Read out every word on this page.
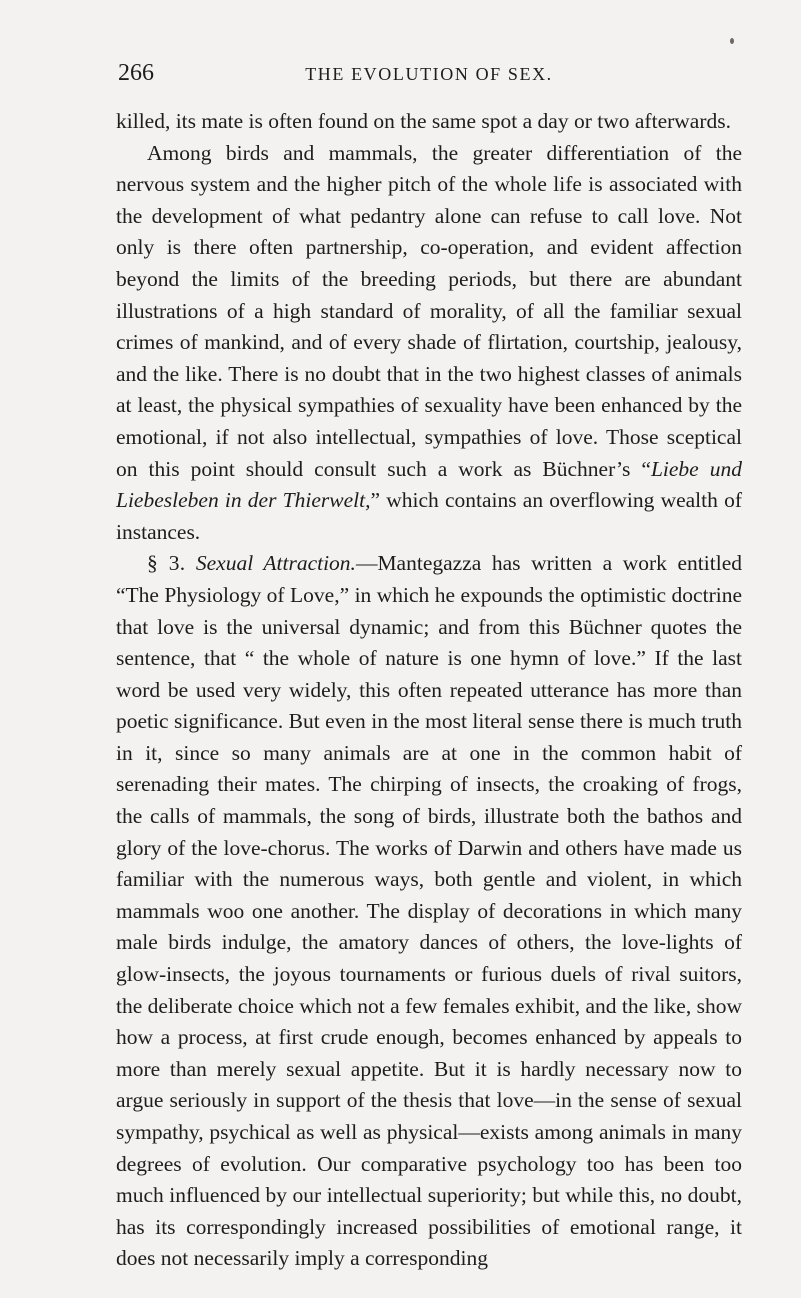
266	THE EVOLUTION OF SEX.

killed, its mate is often found on the same spot a day or two afterwards.

Among birds and mammals, the greater differentiation of the nervous system and the higher pitch of the whole life is associated with the development of what pedantry alone can refuse to call love. Not only is there often partnership, co-operation, and evident affection beyond the limits of the breeding periods, but there are abundant illustrations of a high standard of morality, of all the familiar sexual crimes of mankind, and of every shade of flirtation, courtship, jealousy, and the like. There is no doubt that in the two highest classes of animals at least, the physical sympathies of sexuality have been enhanced by the emotional, if not also intellectual, sympathies of love. Those sceptical on this point should consult such a work as Büchner’s “Liebe und Liebesleben in der Thierwelt,” which contains an overflowing wealth of instances.

§ 3. Sexual Attraction.—Mantegazza has written a work entitled “The Physiology of Love,” in which he expounds the optimistic doctrine that love is the universal dynamic; and from this Büchner quotes the sentence, that “ the whole of nature is one hymn of love.” If the last word be used very widely, this often repeated utterance has more than poetic significance. But even in the most literal sense there is much truth in it, since so many animals are at one in the common habit of serenading their mates. The chirping of insects, the croaking of frogs, the calls of mammals, the song of birds, illustrate both the bathos and glory of the love-chorus. The works of Darwin and others have made us familiar with the numerous ways, both gentle and violent, in which mammals woo one another. The display of decorations in which many male birds indulge, the amatory dances of others, the love-lights of glow-insects, the joyous tournaments or furious duels of rival suitors, the deliberate choice which not a few females exhibit, and the like, show how a process, at first crude enough, becomes enhanced by appeals to more than merely sexual appetite. But it is hardly necessary now to argue seriously in support of the thesis that love—in the sense of sexual sympathy, psychical as well as physical—exists among animals in many degrees of evolution. Our comparative psychology too has been too much influenced by our intellectual superiority; but while this, no doubt, has its correspondingly increased possibilities of emotional range, it does not necessarily imply a corresponding
